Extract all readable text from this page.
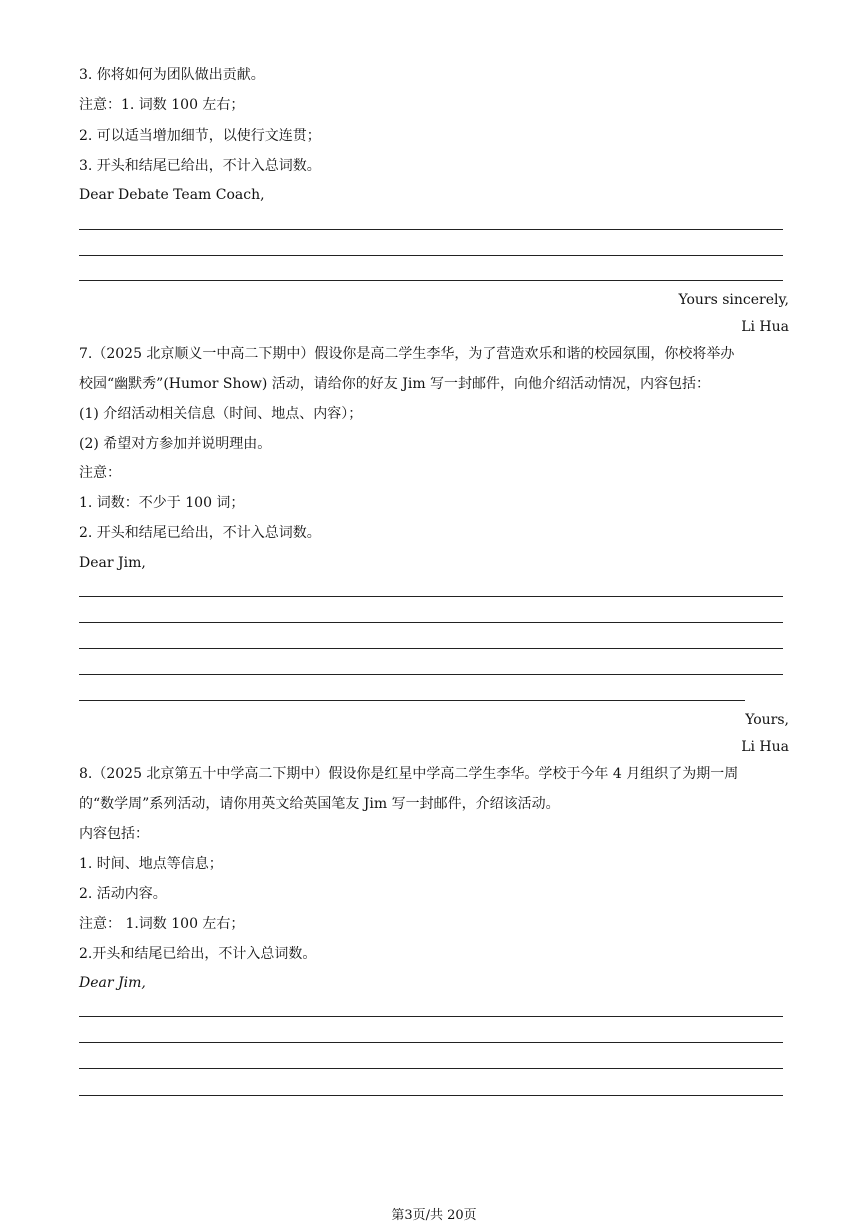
3. 你将如何为团队做出贡献。
注意：1. 词数 100 左右；
2. 可以适当增加细节，以使行文连贯；
3. 开头和结尾已给出，不计入总词数。
Dear Debate Team Coach,
Yours sincerely,
Li Hua
7.（2025 北京顺义一中高二下期中）假设你是高二学生李华，为了营造欢乐和谐的校园氛围，你校将举办
校园“幽默秀”(Humor Show) 活动，请给你的好友 Jim 写一封邮件，向他介绍活动情况，内容包括：
(1) 介绍活动相关信息（时间、地点、内容）；
(2) 希望对方参加并说明理由。
注意：
1. 词数：不少于 100 词；
2. 开头和结尾已给出，不计入总词数。
Dear Jim,
Yours,
Li Hua
8.（2025 北京第五十中学高二下期中）假设你是红星中学高二学生李华。学校于今年 4 月组织了为期一周
的“数学周”系列活动，请你用英文给英国笔友 Jim 写一封邮件，介绍该活动。
内容包括：
1. 时间、地点等信息；
2. 活动内容。
注意： 1.词数 100 左右；
2.开头和结尾已给出，不计入总词数。
Dear Jim,
第3页/共 20页
